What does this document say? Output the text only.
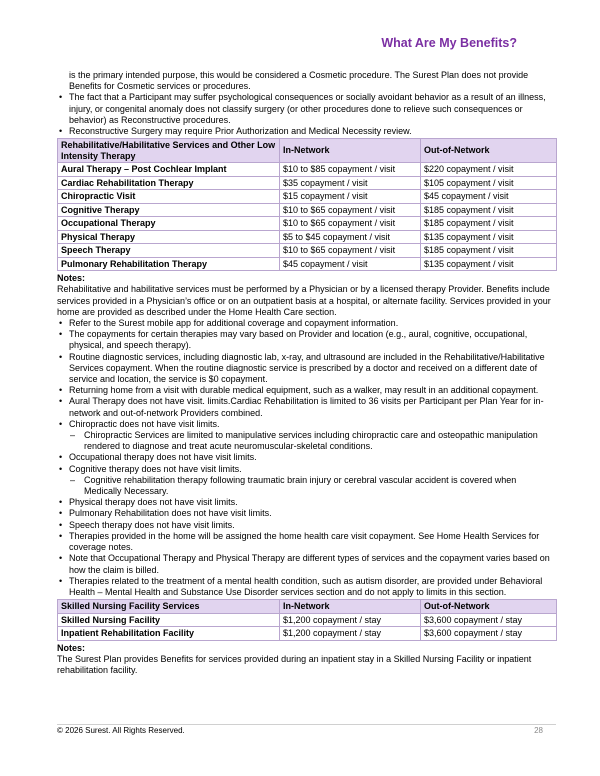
What Are My Benefits?

is the primary intended purpose, this would be considered a Cosmetic procedure. The Surest Plan does not provide Benefits for Cosmetic services or procedures.

• The fact that a Participant may suffer psychological consequences or socially avoidant behavior as a result of an illness, injury, or congenital anomaly does not classify surgery (or other procedures done to relieve such consequences or behavior) as Reconstructive procedures.
• Reconstructive Surgery may require Prior Authorization and Medical Necessity review.
Rehabilitative/Habilitative Services and Other Low Intensity Therapy	In-Network	Out-of-Network
Aural Therapy – Post Cochlear Implant	$10 to $85 copayment / visit	$220 copayment / visit
Cardiac Rehabilitation Therapy	$35 copayment / visit	$105 copayment / visit
Chiropractic Visit	$15 copayment / visit	$45 copayment / visit
Cognitive Therapy	$10 to $65 copayment / visit	$185 copayment / visit
Occupational Therapy	$10 to $65 copayment / visit	$185 copayment / visit
Physical Therapy	$5 to $45 copayment / visit	$135 copayment / visit
Speech Therapy	$10 to $65 copayment / visit	$185 copayment / visit
Pulmonary Rehabilitation Therapy	$45 copayment / visit	$135 copayment / visit
Notes:

Rehabilitative and habilitative services must be performed by a Physician or by a licensed therapy Provider. Benefits include services provided in a Physician’s office or on an outpatient basis at a hospital, or alternate facility. Services provided in your home are provided as described under the Home Health Care section.

• Refer to the Surest mobile app for additional coverage and copayment information.
• The copayments for certain therapies may vary based on Provider and location (e.g., aural, cognitive, occupational, physical, and speech therapy).
• Routine diagnostic services, including diagnostic lab, x-ray, and ultrasound are included in the Rehabilitative/Habilitative Services copayment. When the routine diagnostic service is prescribed by a doctor and received on a different date of service and location, the service is $0 copayment.
• Returning home from a visit with durable medical equipment, such as a walker, may result in an additional copayment.
• Aural Therapy does not have visit. limits.Cardiac Rehabilitation is limited to 36 visits per Participant per Plan Year for in-network and out-of-network Providers combined.
• Chiropractic does not have visit limits.
– Chiropractic Services are limited to manipulative services including chiropractic care and osteopathic manipulation rendered to diagnose and treat acute neuromuscular-skeletal conditions.
• Occupational therapy does not have visit limits.
• Cognitive therapy does not have visit limits.
– Cognitive rehabilitation therapy following traumatic brain injury or cerebral vascular accident is covered when Medically Necessary.
• Physical therapy does not have visit limits.
• Pulmonary Rehabilitation does not have visit limits.
• Speech therapy does not have visit limits.
• Therapies provided in the home will be assigned the home health care visit copayment. See Home Health Services for coverage notes.
• Note that Occupational Therapy and Physical Therapy are different types of services and the copayment varies based on how the claim is billed.
• Therapies related to the treatment of a mental health condition, such as autism disorder, are provided under Behavioral Health – Mental Health and Substance Use Disorder services section and do not apply to limits in this section.
Skilled Nursing Facility Services	In-Network	Out-of-Network
Skilled Nursing Facility	$1,200 copayment / stay	$3,600 copayment / stay
Inpatient Rehabilitation Facility	$1,200 copayment / stay	$3,600 copayment / stay
Notes:

The Surest Plan provides Benefits for services provided during an inpatient stay in a Skilled Nursing Facility or inpatient rehabilitation facility.

© 2026 Surest. All Rights Reserved.	28
